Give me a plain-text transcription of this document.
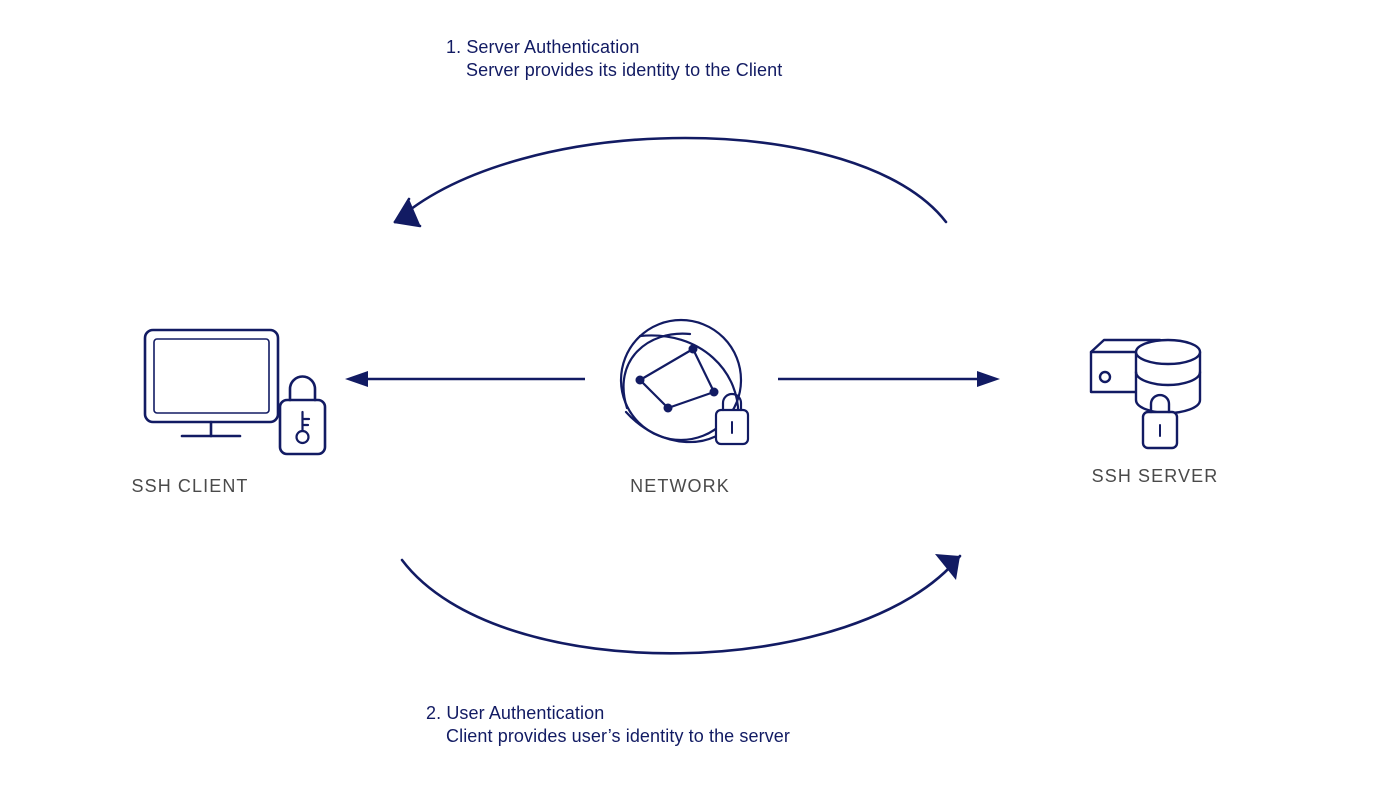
1. Server Authentication
Server provides its identity to the Client
SSH CLIENT	NETWORK	SSH SERVER
2. User Authentication
Client provides user’s identity to the server
